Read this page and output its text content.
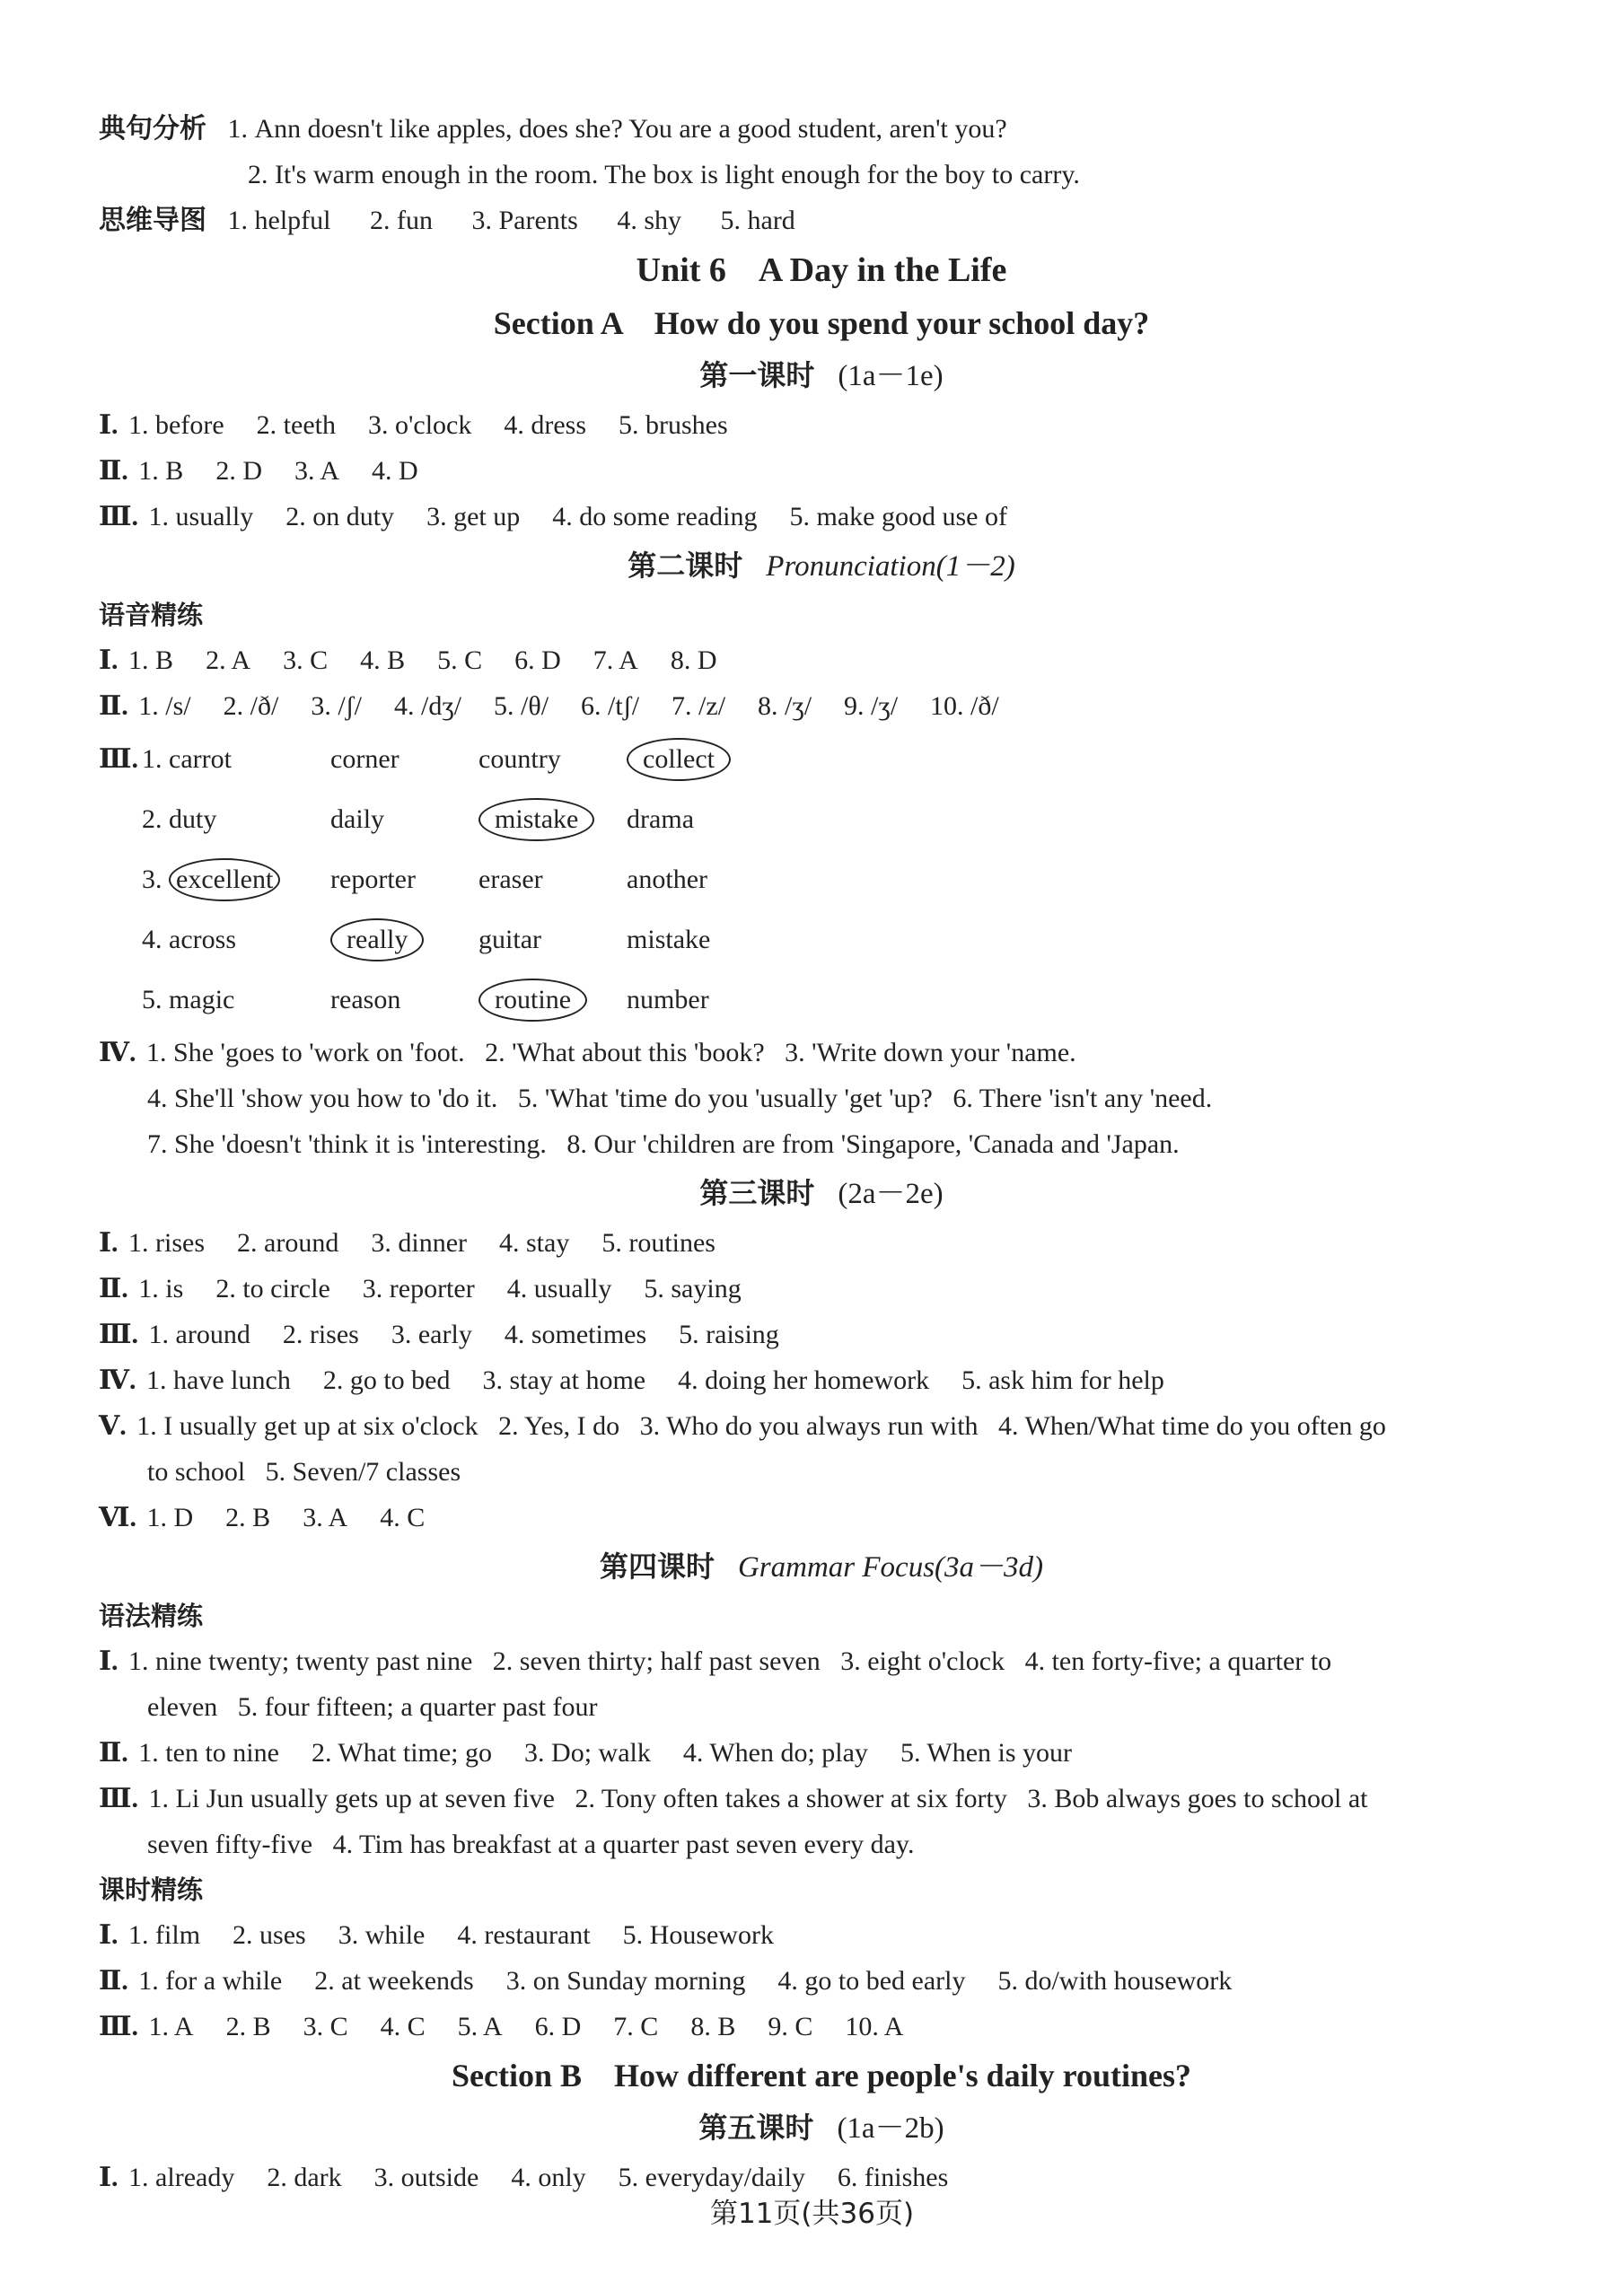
典句分析 1. Ann doesn't like apples, does she? You are a good student, aren't you?
2. It's warm enough in the room. The box is light enough for the boy to carry.
思维导图 1. helpful 2. fun 3. Parents 4. shy 5. hard
Unit 6    A Day in the Life
Section A    How do you spend your school day?
第一课时 (1a－1e)
Ⅰ. 1. before 2. teeth 3. o'clock 4. dress 5. brushes
Ⅱ. 1. B 2. D 3. A 4. D
Ⅲ. 1. usually 2. on duty 3. get up 4. do some reading 5. make good use of
第二课时 Pronunciation(1－2)
语音精练
Ⅰ. 1. B 2. A 3. C 4. B 5. C 6. D 7. A 8. D
Ⅱ. 1. /s/ 2. /ð/ 3. /ʃ/ 4. /dʒ/ 5. /θ/ 6. /tʃ/ 7. /z/ 8. /ʒ/ 9. /ʒ/ 10. /ð/
Ⅲ. 1. carrot	corner	country	collect
2. duty	daily	mistake	drama
3. excellent	reporter	eraser	another
4. across	really	guitar	mistake
5. magic	reason	routine	number
Ⅳ. 1. She 'goes to 'work on 'foot.   2. 'What about this 'book?   3. 'Write down your 'name.
4. She'll 'show you how to 'do it.   5. 'What 'time do you 'usually 'get 'up?   6. There 'isn't any 'need.
7. She 'doesn't 'think it is 'interesting.   8. Our 'children are from 'Singapore, 'Canada and 'Japan.
第三课时 (2a－2e)
Ⅰ. 1. rises 2. around 3. dinner 4. stay 5. routines
Ⅱ. 1. is 2. to circle 3. reporter 4. usually 5. saying
Ⅲ. 1. around 2. rises 3. early 4. sometimes 5. raising
Ⅳ. 1. have lunch 2. go to bed 3. stay at home 4. doing her homework 5. ask him for help
Ⅴ. 1. I usually get up at six o'clock   2. Yes, I do   3. Who do you always run with   4. When/What time do you often go
to school   5. Seven/7 classes
Ⅵ. 1. D 2. B 3. A 4. C
第四课时 Grammar Focus(3a－3d)
语法精练
Ⅰ. 1. nine twenty; twenty past nine   2. seven thirty; half past seven   3. eight o'clock   4. ten forty-five; a quarter to
eleven   5. four fifteen; a quarter past four
Ⅱ. 1. ten to nine 2. What time; go 3. Do; walk 4. When do; play 5. When is your
Ⅲ. 1. Li Jun usually gets up at seven five   2. Tony often takes a shower at six forty   3. Bob always goes to school at
seven fifty-five   4. Tim has breakfast at a quarter past seven every day.
课时精练
Ⅰ. 1. film 2. uses 3. while 4. restaurant 5. Housework
Ⅱ. 1. for a while 2. at weekends 3. on Sunday morning 4. go to bed early 5. do/with housework
Ⅲ. 1. A 2. B 3. C 4. C 5. A 6. D 7. C 8. B 9. C 10. A
Section B    How different are people's daily routines?
第五课时 (1a－2b)
Ⅰ. 1. already 2. dark 3. outside 4. only 5. everyday/daily 6. finishes
第11页(共36页)
